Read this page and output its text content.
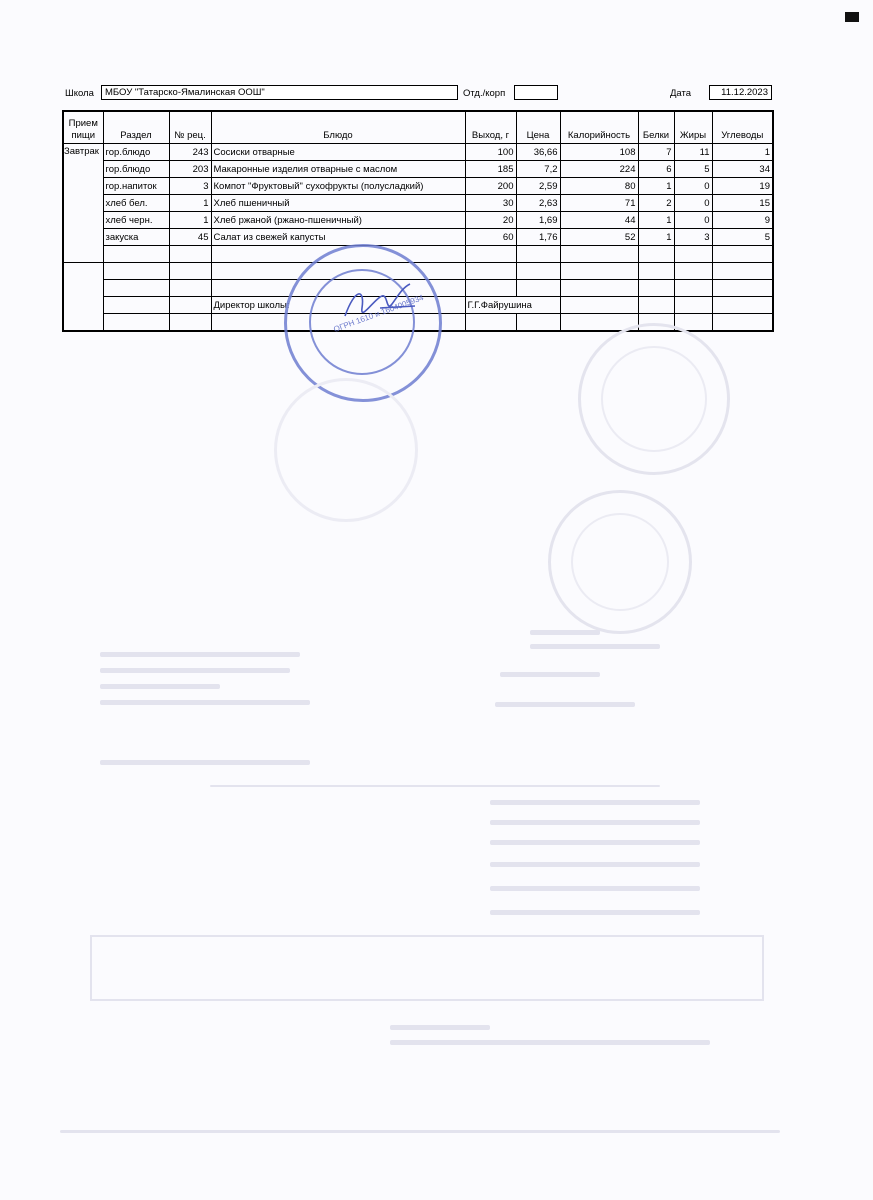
Школа	МБОУ "Татарско-Ямалинская ООШ"	Отд./корп	Дата	11.12.2023
Прием пищи	Раздел	№ рец.	Блюдо	Выход, г	Цена	Калорийность	Белки	Жиры	Углеводы
Завтрак	гор.блюдо	243	Сосиски отварные	100	36,66	108	7	11	1
	гор.блюдо	203	Макаронные изделия отварные с маслом	185	7,2	224	6	5	34
	гор.напиток	3	Компот "Фруктовый" сухофрукты (полусладкий)	200	2,59	80	1	0	19
	хлеб бел.	1	Хлеб пшеничный	30	2,63	71	2	0	15
	хлеб черн.	1	Хлеб ржаной (ржано-пшеничный)	20	1,69	44	1	0	9
	закуска	45	Салат из свежей капусты	60	1,76	52	1	3	5

			Директор школы:	Г.Г.Файрушина					

ОГРН 1610 и 1604005934
